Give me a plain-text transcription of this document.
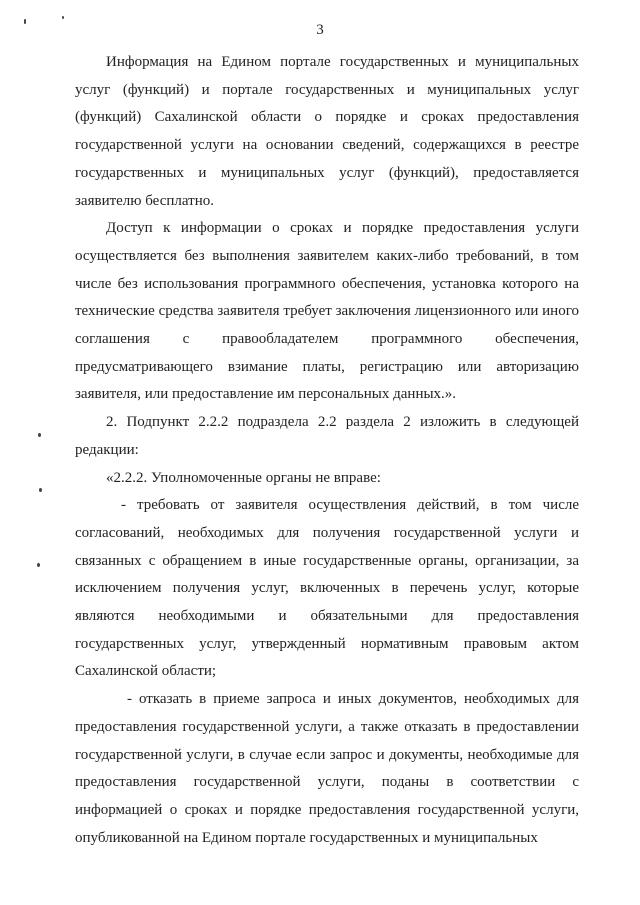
3

Информация на Едином портале государственных и муниципальных услуг (функций) и портале государственных и муниципальных услуг (функций) Сахалинской области о порядке и сроках предоставления государственной услуги на основании сведений, содержащихся в реестре государственных и муниципальных услуг (функций), предоставляется заявителю бесплатно.

Доступ к информации о сроках и порядке предоставления услуги осуществляется без выполнения заявителем каких-либо требований, в том числе без использования программного обеспечения, установка которого на технические средства заявителя требует заключения лицензионного или иного соглашения с правообладателем программного обеспечения, предусматривающего взимание платы, регистрацию или авторизацию заявителя, или предоставление им персональных данных.».

2. Подпункт 2.2.2 подраздела 2.2 раздела 2 изложить в следующей редакции:

«2.2.2. Уполномоченные органы не вправе:

- требовать от заявителя осуществления действий, в том числе согласований, необходимых для получения государственной услуги и связанных с обращением в иные государственные органы, организации, за исключением получения услуг, включенных в перечень услуг, которые являются необходимыми и обязательными для предоставления государственных услуг, утвержденный нормативным правовым актом Сахалинской области;

- отказать в приеме запроса и иных документов, необходимых для предоставления государственной услуги, а также отказать в предоставлении государственной услуги, в случае если запрос и документы, необходимые для предоставления государственной услуги, поданы в соответствии с информацией о сроках и порядке предоставления государственной услуги, опубликованной на Едином портале государственных и муниципальных
